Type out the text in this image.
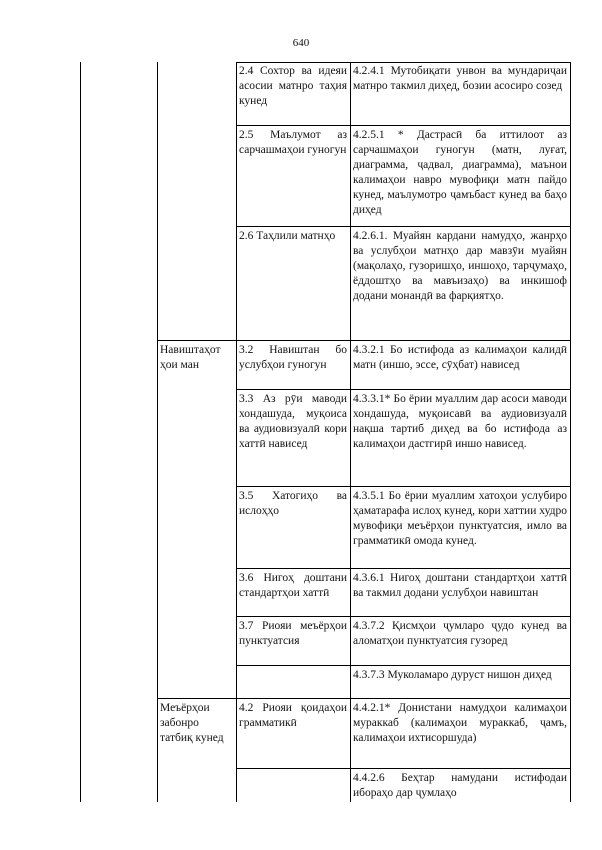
640
2.4 Сохтор ва идеяи асосии матнро таҳия кунед
4.2.4.1 Мутобиқати унвон ва мундариҷаи матнро такмил диҳед, бозии асосиро созед
2.5 Маълумот аз сарчашмаҳои гуногун
4.2.5.1 * Дастрасӣ ба иттилоот аз сарчашмаҳои гуногун (матн, луғат, диаграмма, ҷадвал, диаграмма), маънои калимаҳои навро мувофиқи матн пайдо кунед, маълумотро ҷамъбаст кунед ва баҳо диҳед
2.6 Таҳлили матнҳо	4.2.6.1. Муайян кардани намудҳо, жанрҳо ва услубҳои матнҳо дар мавзӯи муайян (мақолаҳо, гузоришҳо, иншоҳо, тарҷумаҳо, ёддоштҳо ва мавъизаҳо) ва инкишоф додани монандӣ ва фарқиятҳо.
Навиштаҳот ҳои ман
3.2 Навиштан бо услубҳои гуногун
4.3.2.1 Бо истифода аз калимаҳои калидӣ матн (иншо, эссе, сӯҳбат) нависед
3.3 Аз рӯи маводи хондашуда, муқоиса ва аудиовизуалӣ кори хаттӣ нависед
4.3.3.1* Бо ёрии муаллим дар асоси маводи хондашуда, муқоисавӣ ва аудиовизуалӣ нақша тартиб диҳед ва бо истифода аз калимаҳои дастгирӣ иншо нависед.
3.5 Хатогиҳо ва ислоҳҳо
4.3.5.1 Бо ёрии муаллим хатоҳои услубиро ҳаматарафа ислоҳ кунед, кори хаттии худро мувофиқи меъёрҳои пунктуатсия, имло ва грамматикӣ омода кунед.
3.6 Нигоҳ доштани стандартҳои хаттӣ
4.3.6.1 Нигоҳ доштани стандартҳои хаттӣ ва такмил додани услубҳои навиштан
3.7 Риояи меъёрҳои пунктуатсия
4.3.7.2 Қисмҳои ҷумларо ҷудо кунед ва аломатҳои пунктуатсия гузоред
4.3.7.3 Муколамаро дуруст нишон диҳед
Меъёрҳои забонро татбиқ кунед
4.2 Риояи қоидаҳои грамматикӣ
4.4.2.1* Донистани намудҳои калимаҳои мураккаб (калимаҳои мураккаб, ҷамъ, калимаҳои ихтисоршуда)
4.4.2.6 Беҳтар намудани истифодаи ибораҳо дар ҷумлаҳо
